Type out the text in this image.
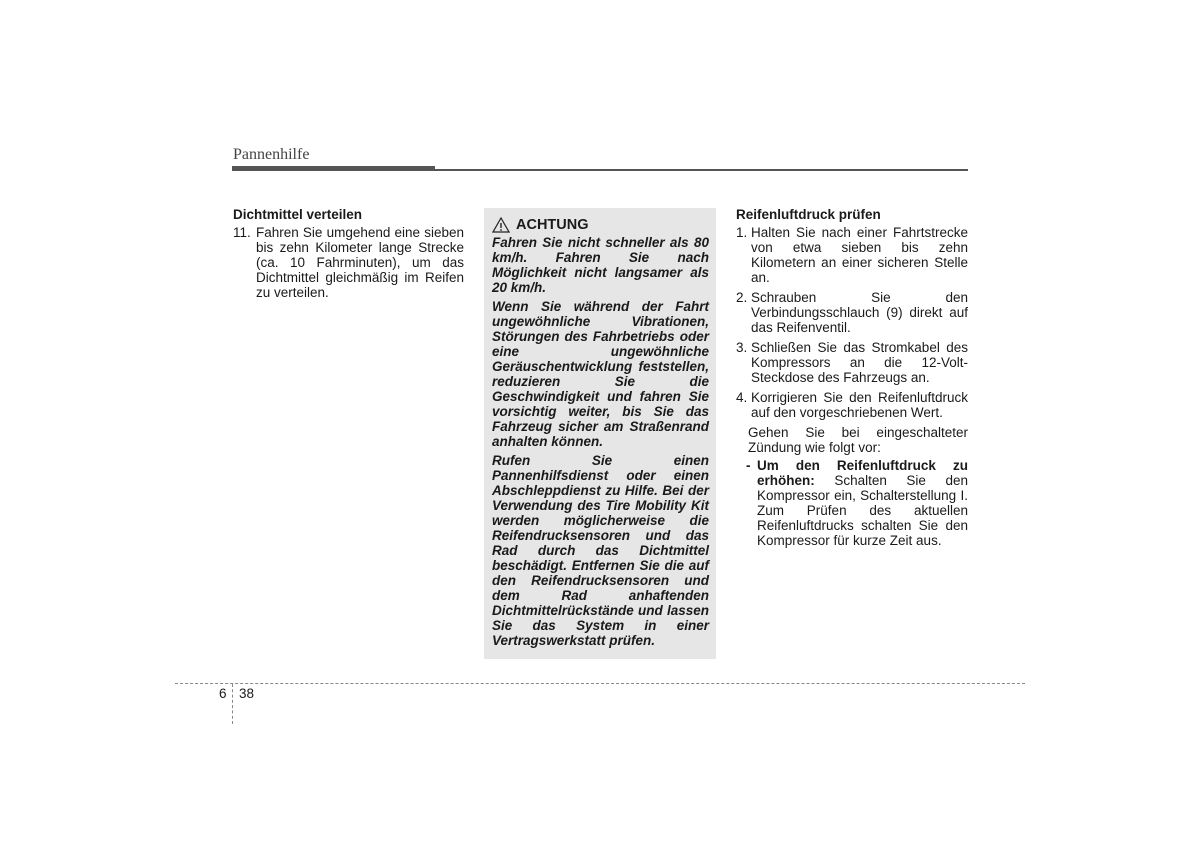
Pannenhilfe
Dichtmittel verteilen
11. Fahren Sie umgehend eine sieben bis zehn Kilometer lange Strecke (ca. 10 Fahrminuten), um das Dichtmittel gleichmäßig im Reifen zu verteilen.
ACHTUNG

Fahren Sie nicht schneller als 80 km/h. Fahren Sie nach Möglichkeit nicht langsamer als 20 km/h.

Wenn Sie während der Fahrt ungewöhnliche Vibrationen, Störungen des Fahrbetriebs oder eine ungewöhnliche Geräuschentwicklung feststellen, reduzieren Sie die Geschwindigkeit und fahren Sie vorsichtig weiter, bis Sie das Fahrzeug sicher am Straßenrand anhalten können.

Rufen Sie einen Pannenhilfsdienst oder einen Abschleppdienst zu Hilfe. Bei der Verwendung des Tire Mobility Kit werden möglicherweise die Reifendrucksensoren und das Rad durch das Dichtmittel beschädigt. Entfernen Sie die auf den Reifendrucksensoren und dem Rad anhaftenden Dichtmittelrückstände und lassen Sie das System in einer Vertragswerkstatt prüfen.

Reifenluftdruck prüfen
1. Halten Sie nach einer Fahrtstrecke von etwa sieben bis zehn Kilometern an einer sicheren Stelle an.
2. Schrauben Sie den Verbindungsschlauch (9) direkt auf das Reifenventil.
3. Schließen Sie das Stromkabel des Kompressors an die 12-Volt-Steckdose des Fahrzeugs an.
4. Korrigieren Sie den Reifenluftdruck auf den vorgeschriebenen Wert.
Gehen Sie bei eingeschalteter Zündung wie folgt vor:
- Um den Reifenluftdruck zu erhöhen: Schalten Sie den Kompressor ein, Schalterstellung I. Zum Prüfen des aktuellen Reifenluftdrucks schalten Sie den Kompressor für kurze Zeit aus.
6 38
